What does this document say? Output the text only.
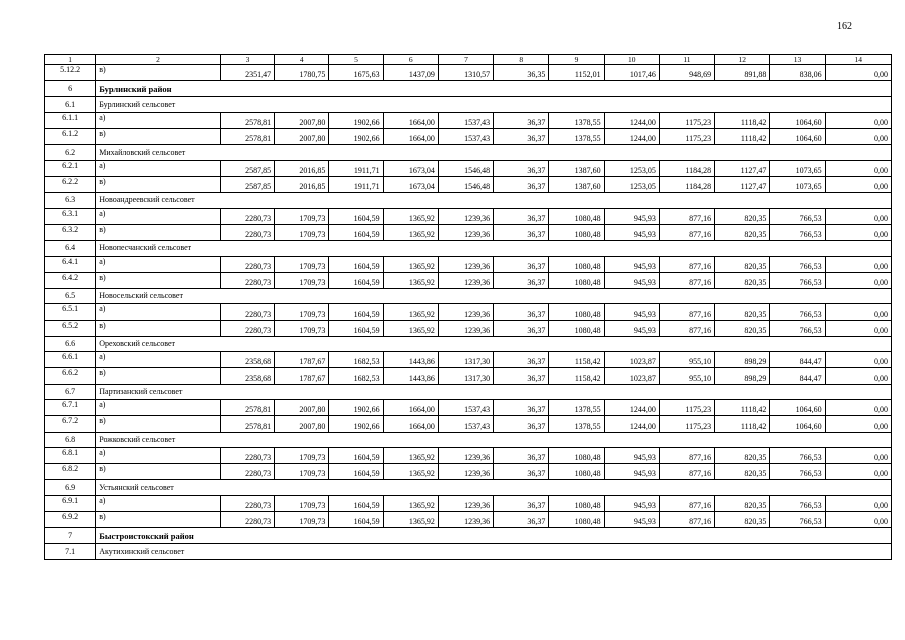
162
1	2	3	4	5	6	7	8	9	10	11	12	13	14
5.12.2	в)	2351,47	1780,75	1675,63	1437,09	1310,57	36,35	1152,01	1017,46	948,69	891,88	838,06	0,00
6	Бурлинский район												
6.1	Бурлинский сельсовет												
6.1.1	а)	2578,81	2007,80	1902,66	1664,00	1537,43	36,37	1378,55	1244,00	1175,23	1118,42	1064,60	0,00
6.1.2	в)	2578,81	2007,80	1902,66	1664,00	1537,43	36,37	1378,55	1244,00	1175,23	1118,42	1064,60	0,00
6.2	Михайловский сельсовет												
6.2.1	а)	2587,85	2016,85	1911,71	1673,04	1546,48	36,37	1387,60	1253,05	1184,28	1127,47	1073,65	0,00
6.2.2	в)	2587,85	2016,85	1911,71	1673,04	1546,48	36,37	1387,60	1253,05	1184,28	1127,47	1073,65	0,00
6.3	Новоандреевский сельсовет												
6.3.1	а)	2280,73	1709,73	1604,59	1365,92	1239,36	36,37	1080,48	945,93	877,16	820,35	766,53	0,00
6.3.2	в)	2280,73	1709,73	1604,59	1365,92	1239,36	36,37	1080,48	945,93	877,16	820,35	766,53	0,00
6.4	Новопесчанский сельсовет												
6.4.1	а)	2280,73	1709,73	1604,59	1365,92	1239,36	36,37	1080,48	945,93	877,16	820,35	766,53	0,00
6.4.2	в)	2280,73	1709,73	1604,59	1365,92	1239,36	36,37	1080,48	945,93	877,16	820,35	766,53	0,00
6.5	Новосельский сельсовет												
6.5.1	а)	2280,73	1709,73	1604,59	1365,92	1239,36	36,37	1080,48	945,93	877,16	820,35	766,53	0,00
6.5.2	в)	2280,73	1709,73	1604,59	1365,92	1239,36	36,37	1080,48	945,93	877,16	820,35	766,53	0,00
6.6	Ореховский сельсовет												
6.6.1	а)	2358,68	1787,67	1682,53	1443,86	1317,30	36,37	1158,42	1023,87	955,10	898,29	844,47	0,00
6.6.2	в)	2358,68	1787,67	1682,53	1443,86	1317,30	36,37	1158,42	1023,87	955,10	898,29	844,47	0,00
6.7	Партизанский сельсовет												
6.7.1	а)	2578,81	2007,80	1902,66	1664,00	1537,43	36,37	1378,55	1244,00	1175,23	1118,42	1064,60	0,00
6.7.2	в)	2578,81	2007,80	1902,66	1664,00	1537,43	36,37	1378,55	1244,00	1175,23	1118,42	1064,60	0,00
6.8	Рожковский сельсовет												
6.8.1	а)	2280,73	1709,73	1604,59	1365,92	1239,36	36,37	1080,48	945,93	877,16	820,35	766,53	0,00
6.8.2	в)	2280,73	1709,73	1604,59	1365,92	1239,36	36,37	1080,48	945,93	877,16	820,35	766,53	0,00
6.9	Устьянский сельсовет												
6.9.1	а)	2280,73	1709,73	1604,59	1365,92	1239,36	36,37	1080,48	945,93	877,16	820,35	766,53	0,00
6.9.2	в)	2280,73	1709,73	1604,59	1365,92	1239,36	36,37	1080,48	945,93	877,16	820,35	766,53	0,00
7	Быстроистокский район												
7.1	Акутихинский сельсовет												
